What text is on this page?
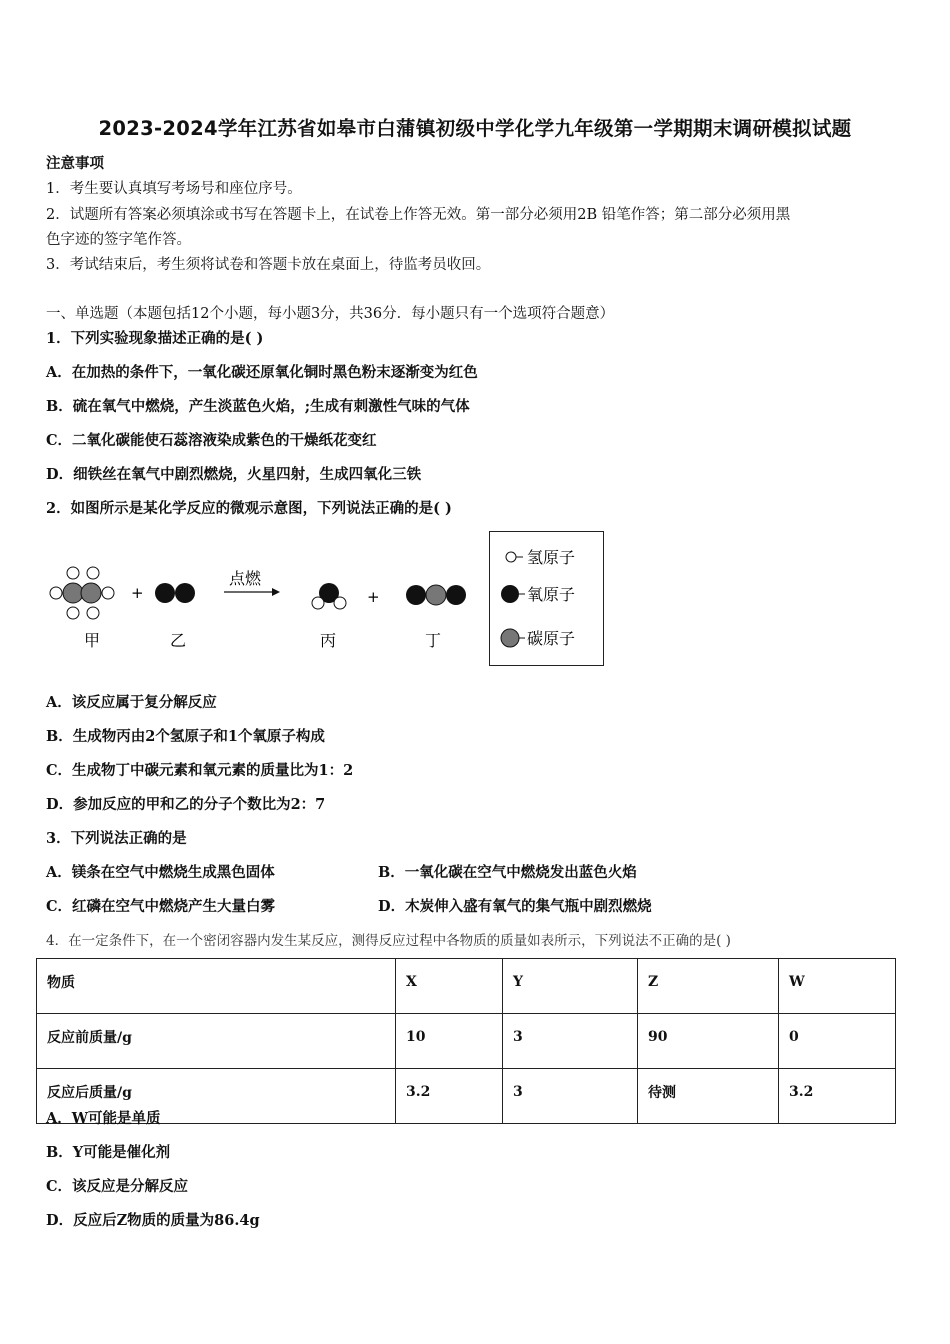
2023-2024学年江苏省如皋市白蒲镇初级中学化学九年级第一学期期末调研模拟试题
注意事项
1．考生要认真填写考场号和座位序号。
2．试题所有答案必须填涂或书写在答题卡上，在试卷上作答无效。第一部分必须用2B 铅笔作答；第二部分必须用黑
色字迹的签字笔作答。
3．考试结束后，考生须将试卷和答题卡放在桌面上，待监考员收回。
一、单选题（本题包括12个小题，每小题3分，共36分．每小题只有一个选项符合题意）
1．下列实验现象描述正确的是( )
A．在加热的条件下，一氧化碳还原氧化铜时黑色粉末逐渐变为红色
B．硫在氧气中燃烧，产生淡蓝色火焰，;生成有刺激性气味的气体
C．二氧化碳能使石蕊溶液染成紫色的干燥纸花变红
D．细铁丝在氧气中剧烈燃烧，火星四射，生成四氧化三铁
2．如图所示是某化学反应的微观示意图，下列说法正确的是( )
+
点燃
+
甲	乙	丙	丁
氢原子
氧原子
碳原子
A．该反应属于复分解反应
B．生成物丙由2个氢原子和1个氧原子构成
C．生成物丁中碳元素和氧元素的质量比为1：2
D．参加反应的甲和乙的分子个数比为2：7
3．下列说法正确的是
A．镁条在空气中燃烧生成黑色固体	B．一氧化碳在空气中燃烧发出蓝色火焰
C．红磷在空气中燃烧产生大量白雾	D．木炭伸入盛有氧气的集气瓶中剧烈燃烧
4．在一定条件下，在一个密闭容器内发生某反应，测得反应过程中各物质的质量如表所示，下列说法不正确的是( )
物质	X	Y	Z	W
反应前质量/g	10	3	90	0
反应后质量/g	3.2	3	待测	3.2
A．W可能是单质
B．Y可能是催化剂
C．该反应是分解反应
D．反应后Z物质的质量为86.4g
